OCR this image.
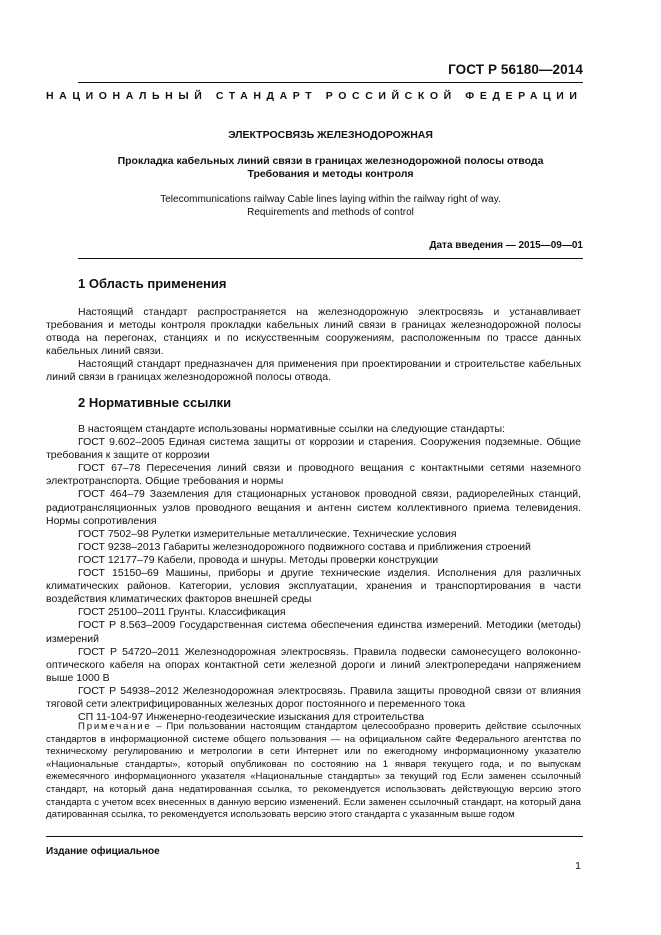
ГОСТ Р 56180—2014
НАЦИОНАЛЬНЫЙ СТАНДАРТ РОССИЙСКОЙ ФЕДЕРАЦИИ
ЭЛЕКТРОСВЯЗЬ ЖЕЛЕЗНОДОРОЖНАЯ
Прокладка кабельных линий связи в границах железнодорожной полосы отвода
Требования и методы контроля
Telecommunications railway Cable lines laying within the railway right of way.
Requirements and methods of control
Дата введения — 2015—09—01
1 Область применения

Настоящий стандарт распространяется на железнодорожную электросвязь и устанавливает требования и методы контроля прокладки кабельных линий связи в границах железнодорожной полосы отвода на перегонах, станциях и по искусственным сооружениям, расположенным по трассе данных кабельных линий связи.

Настоящий стандарт предназначен для применения при проектировании и строительстве кабельных линий связи в границах железнодорожной полосы отвода.

2 Нормативные ссылки

В настоящем стандарте использованы нормативные ссылки на следующие стандарты:

ГОСТ 9.602–2005 Единая система защиты от коррозии и старения. Сооружения подземные. Общие требования к защите от коррозии

ГОСТ 67–78 Пересечения линий связи и проводного вещания с контактными сетями наземного электротранспорта. Общие требования и нормы

ГОСТ 464–79 Заземления для стационарных установок проводной связи, радиорелейных станций, радиотрансляционных узлов проводного вещания и антенн систем коллективного приема телевидения. Нормы сопротивления

ГОСТ 7502–98 Рулетки измерительные металлические. Технические условия

ГОСТ 9238–2013 Габариты железнодорожного подвижного состава и приближения строений

ГОСТ 12177–79 Кабели, провода и шнуры. Методы проверки конструкции

ГОСТ 15150–69 Машины, приборы и другие технические изделия. Исполнения для различных климатических районов. Категории, условия эксплуатации, хранения и транспортирования в части воздействия климатических факторов внешней среды

ГОСТ 25100–2011 Грунты. Классификация

ГОСТ Р 8.563–2009 Государственная система обеспечения единства измерений. Методики (методы) измерений

ГОСТ Р 54720–2011 Железнодорожная электросвязь. Правила подвески самонесущего волоконно-оптического кабеля на опорах контактной сети железной дороги и линий электропередачи напряжением выше 1000 В

ГОСТ Р 54938–2012 Железнодорожная электросвязь. Правила защиты проводной связи от влияния тяговой сети электрифицированных железных дорог постоянного и переменного тока

СП 11-104-97 Инженерно-геодезические изыскания для строительства

Примечание – При пользовании настоящим стандартом целесообразно проверить действие ссылочных стандартов в информационной системе общего пользования — на официальном сайте Федерального агентства по техническому регулированию и метрологии в сети Интернет или по ежегодному информационному указателю «Национальные стандарты», который опубликован по состоянию на 1 января текущего года, и по выпускам ежемесячного информационного указателя «Национальные стандарты» за текущий год Если заменен ссылочный стандарт, на который дана недатированная ссылка, то рекомендуется использовать действующую версию этого стандарта с учетом всех внесенных в данную версию изменений. Если заменен ссылочный стандарт, на который дана датированная ссылка, то рекомендуется использовать версию этого стандарта с указанным выше годом
Издание официальное
1
